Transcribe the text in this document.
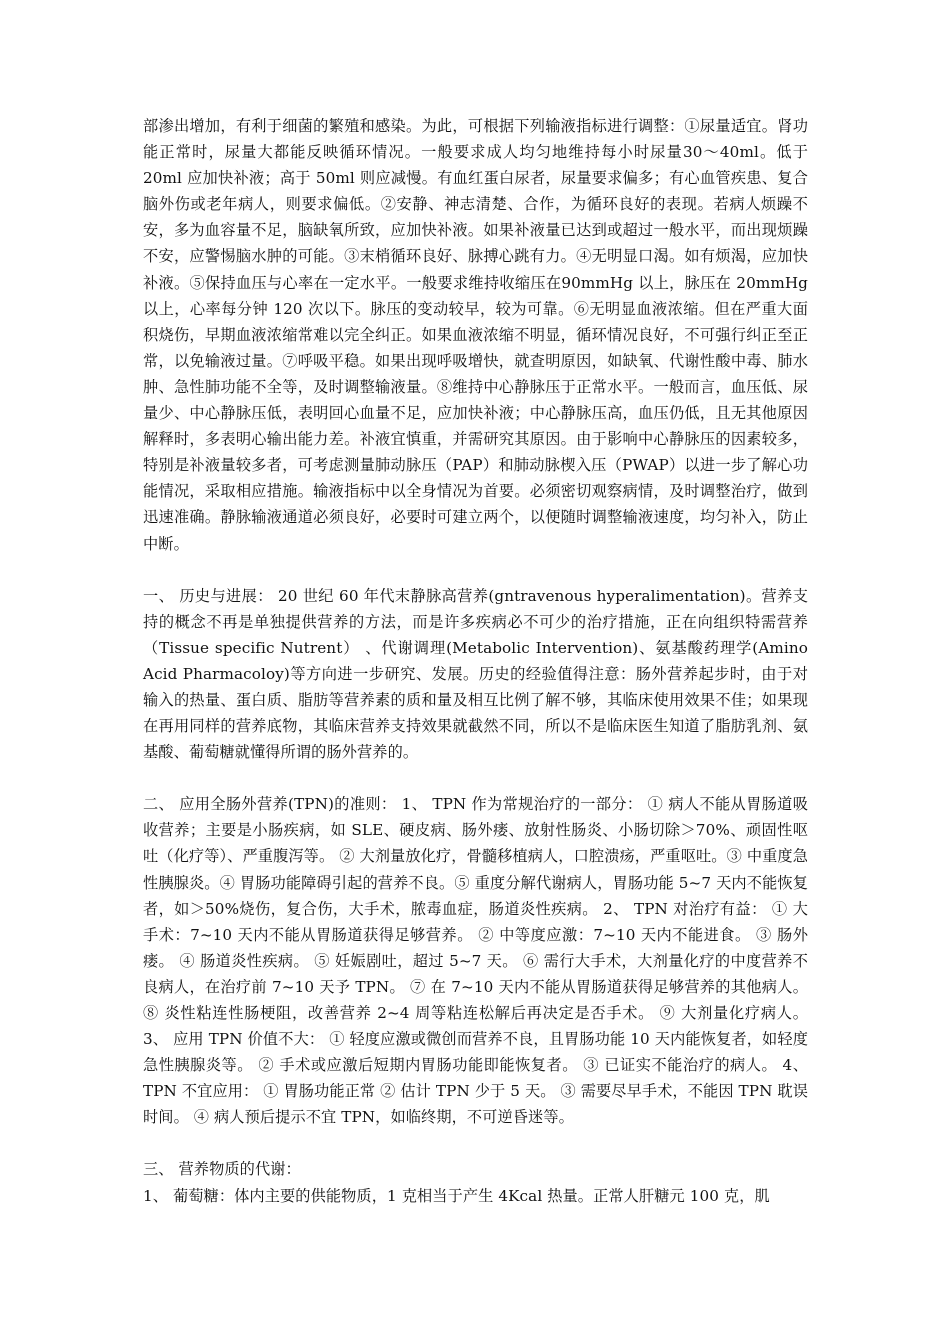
部渗出增加，有利于细菌的繁殖和感染。为此，可根据下列输液指标进行调整：①尿量适宜。肾功能正常时，尿量大都能反映循环情况。一般要求成人均匀地维持每小时尿量30～40ml。低于 20ml 应加快补液；高于 50ml 则应减慢。有血红蛋白尿者，尿量要求偏多；有心血管疾患、复合脑外伤或老年病人，则要求偏低。②安静、神志清楚、合作，为循环良好的表现。若病人烦躁不安，多为血容量不足，脑缺氧所致，应加快补液。如果补液量已达到或超过一般水平，而出现烦躁不安，应警惕脑水肿的可能。③末梢循环良好、脉搏心跳有力。④无明显口渴。如有烦渴，应加快补液。⑤保持血压与心率在一定水平。一般要求维持收缩压在90mmHg 以上，脉压在 20mmHg 以上，心率每分钟 120 次以下。脉压的变动较早，较为可靠。⑥无明显血液浓缩。但在严重大面积烧伤，早期血液浓缩常难以完全纠正。如果血液浓缩不明显，循环情况良好，不可强行纠正至正常，以免输液过量。⑦呼吸平稳。如果出现呼吸增快，就查明原因，如缺氧、代谢性酸中毒、肺水肿、急性肺功能不全等，及时调整输液量。⑧维持中心静脉压于正常水平。一般而言，血压低、尿量少、中心静脉压低，表明回心血量不足，应加快补液；中心静脉压高，血压仍低，且无其他原因解释时，多表明心输出能力差。补液宜慎重，并需研究其原因。由于影响中心静脉压的因素较多，特别是补液量较多者，可考虑测量肺动脉压（PAP）和肺动脉楔入压（PWAP）以进一步了解心功能情况，采取相应措施。输液指标中以全身情况为首要。必须密切观察病情，及时调整治疗，做到迅速准确。静脉输液通道必须良好，必要时可建立两个，以便随时调整输液速度，均匀补入，防止中断。

一、 历史与进展： 20 世纪 60 年代末静脉高营养(gntravenous hyperalimentation)。营养支持的概念不再是单独提供营养的方法，而是许多疾病必不可少的治疗措施，正在向组织特需营养（Tissue specific Nutrent） 、代谢调理(Metabolic Intervention)、氨基酸药理学(Amino Acid Pharmacoloy)等方向进一步研究、发展。历史的经验值得注意：肠外营养起步时，由于对输入的热量、蛋白质、脂肪等营养素的质和量及相互比例了解不够，其临床使用效果不佳；如果现在再用同样的营养底物，其临床营养支持效果就截然不同，所以不是临床医生知道了脂肪乳剂、氨基酸、葡萄糖就懂得所谓的肠外营养的。

二、 应用全肠外营养(TPN)的准则： 1、 TPN 作为常规治疗的一部分： ① 病人不能从胃肠道吸收营养；主要是小肠疾病，如 SLE、硬皮病、肠外瘘、放射性肠炎、小肠切除＞70%、顽固性呕吐（化疗等）、严重腹泻等。 ② 大剂量放化疗，骨髓移植病人，口腔溃疡，严重呕吐。③ 中重度急性胰腺炎。④ 胃肠功能障碍引起的营养不良。⑤ 重度分解代谢病人，胃肠功能 5~7 天内不能恢复者，如＞50%烧伤，复合伤，大手术，脓毒血症，肠道炎性疾病。 2、 TPN 对治疗有益： ① 大手术：7~10 天内不能从胃肠道获得足够营养。 ② 中等度应激：7~10 天内不能进食。 ③ 肠外瘘。 ④ 肠道炎性疾病。 ⑤ 妊娠剧吐，超过 5~7 天。 ⑥ 需行大手术，大剂量化疗的中度营养不良病人，在治疗前 7~10 天予 TPN。 ⑦ 在 7~10 天内不能从胃肠道获得足够营养的其他病人。 ⑧ 炎性粘连性肠梗阻，改善营养 2~4 周等粘连松解后再决定是否手术。 ⑨ 大剂量化疗病人。 3、 应用 TPN 价值不大： ① 轻度应激或微创而营养不良，且胃肠功能 10 天内能恢复者，如轻度急性胰腺炎等。 ② 手术或应激后短期内胃肠功能即能恢复者。 ③ 已证实不能治疗的病人。 4、 TPN 不宜应用： ① 胃肠功能正常 ② 估计 TPN 少于 5 天。 ③ 需要尽早手术，不能因 TPN 耽误时间。 ④ 病人预后提示不宜 TPN，如临终期，不可逆昏迷等。

三、 营养物质的代谢：

1、 葡萄糖：体内主要的供能物质，1 克相当于产生 4Kcal 热量。正常人肝糖元 100 克，肌
